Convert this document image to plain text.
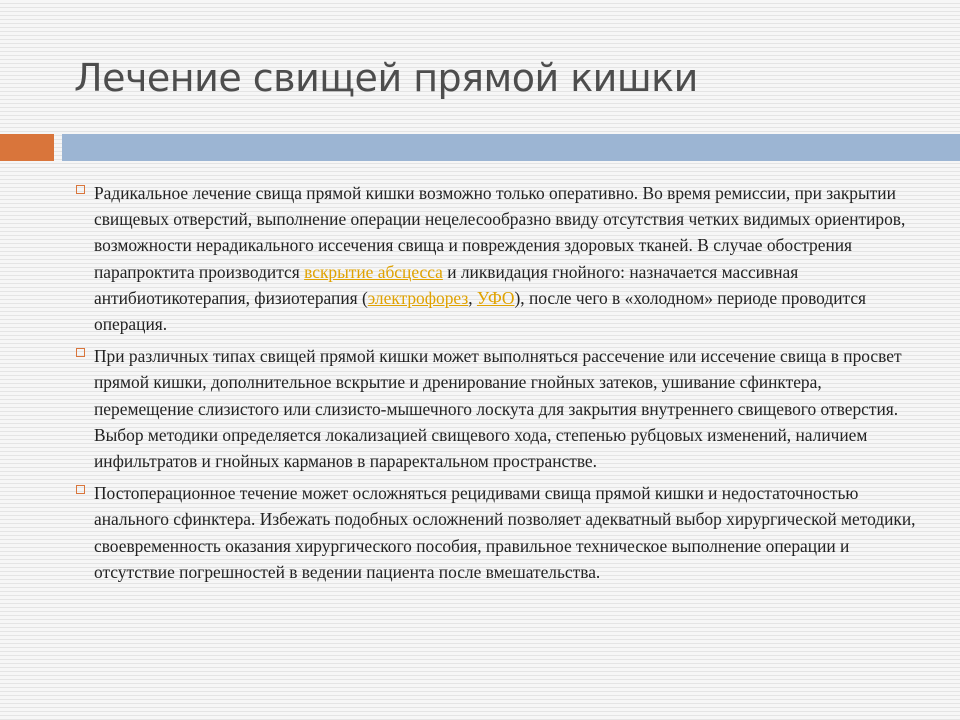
Лечение свищей прямой кишки
Радикальное лечение свища прямой кишки возможно только оперативно. Во время ремиссии, при закрытии свищевых отверстий, выполнение операции нецелесообразно ввиду отсутствия четких видимых ориентиров, возможности нерадикального иссечения свища и повреждения здоровых тканей. В случае обострения парапроктита производится вскрытие абсцесса и ликвидация гнойного: назначается массивная антибиотикотерапия, физиотерапия (электрофорез, УФО), после чего в «холодном» периоде проводится операция.
При различных типах свищей прямой кишки может выполняться рассечение или иссечение свища в просвет прямой кишки, дополнительное вскрытие и дренирование гнойных затеков, ушивание сфинктера, перемещение слизистого или слизисто-мышечного лоскута для закрытия внутреннего свищевого отверстия. Выбор методики определяется локализацией свищевого хода, степенью рубцовых изменений, наличием инфильтратов и гнойных карманов в параректальном пространстве.
Постоперационное течение может осложняться рецидивами свища прямой кишки и недостаточностью анального сфинктера. Избежать подобных осложнений позволяет адекватный выбор хирургической методики, своевременность оказания хирургического пособия, правильное техническое выполнение операции и отсутствие погрешностей в ведении пациента после вмешательства.
